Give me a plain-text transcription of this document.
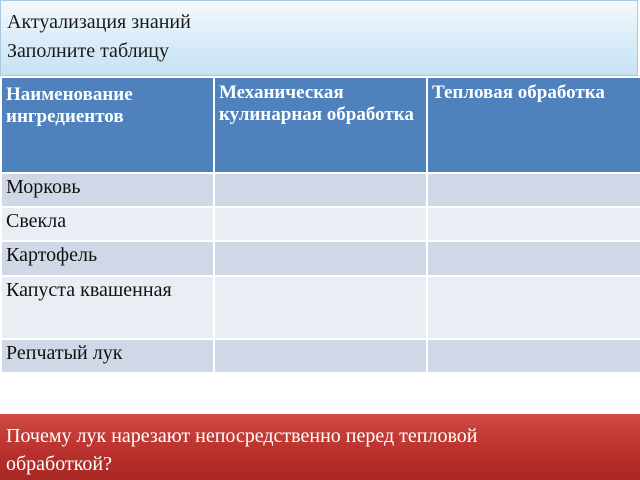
Актуализация знаний
Заполните таблицу
Наименование ингредиентов	Механическая кулинарная обработка	Тепловая обработка
Морковь		
Свекла		
Картофель		
Капуста квашенная		
Репчатый лук		
Почему лук нарезают непосредственно перед тепловой
обработкой?
